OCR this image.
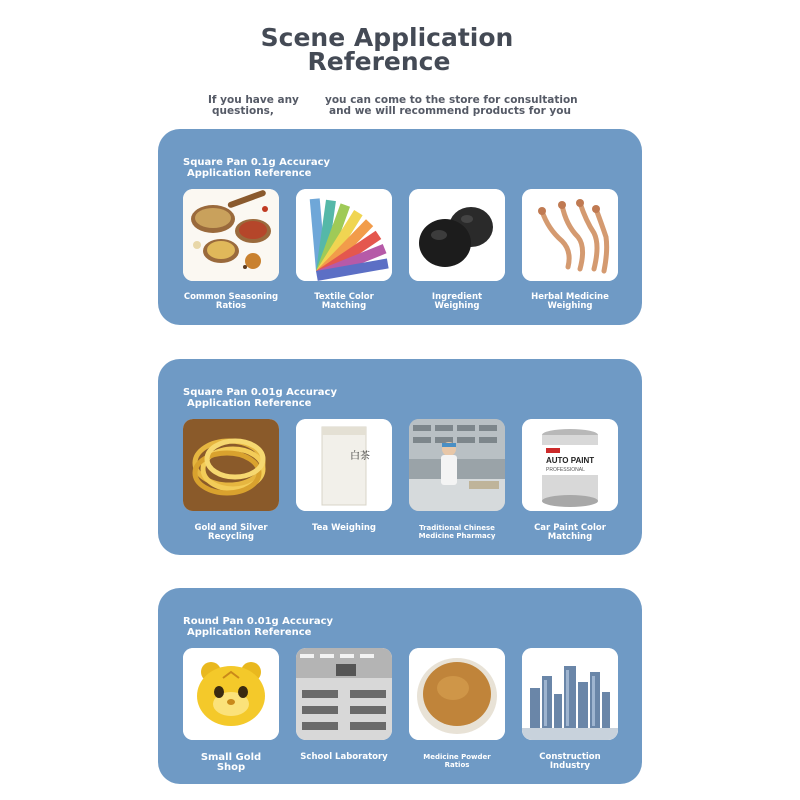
Scene Application
Reference
If you have any
questions,
you can come to the store for consultation
and we will recommend products for you
Square Pan 0.1g Accuracy
Application Reference
Common Seasoning
Ratios
Textile Color
Matching
Ingredient
Weighing
Herbal Medicine
Weighing
Square Pan 0.01g Accuracy
Application Reference
白茶	AUTO PAINT
PROFESSIONAL
Gold and Silver
Recycling
Tea Weighing	Traditional Chinese
Medicine Pharmacy
Car Paint Color
Matching
Round Pan 0.01g Accuracy
Application Reference
Small Gold
Shop
School Laboratory	Medicine Powder
Ratios
Construction
Industry
